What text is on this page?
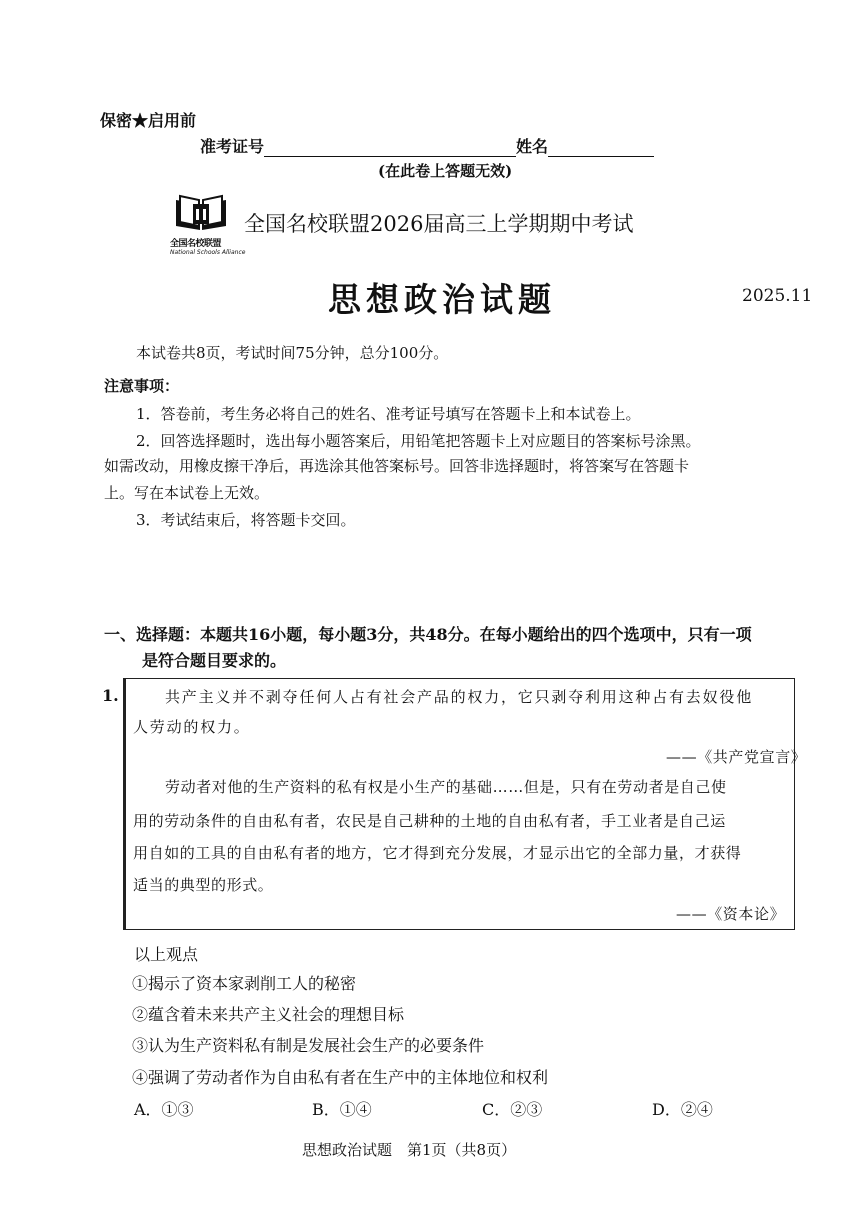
保密★启用前
准考证号	姓名
(在此卷上答题无效)
全国名校联盟
National Schools Alliance
全国名校联盟2026届高三上学期期中考试
思想政治试题	2025.11
本试卷共8页，考试时间75分钟，总分100分。
注意事项：
1．答卷前，考生务必将自己的姓名、准考证号填写在答题卡上和本试卷上。
2．回答选择题时，选出每小题答案后，用铅笔把答题卡上对应题目的答案标号涂黑。
如需改动，用橡皮擦干净后，再选涂其他答案标号。回答非选择题时，将答案写在答题卡
上。写在本试卷上无效。
3．考试结束后，将答题卡交回。
一、选择题：本题共16小题，每小题3分，共48分。在每小题给出的四个选项中，只有一项
是符合题目要求的。
1.	共产主义并不剥夺任何人占有社会产品的权力，它只剥夺利用这种占有去奴役他
人劳动的权力。
——《共产党宣言》
劳动者对他的生产资料的私有权是小生产的基础……但是，只有在劳动者是自己使
用的劳动条件的自由私有者，农民是自己耕种的土地的自由私有者，手工业者是自己运
用自如的工具的自由私有者的地方，它才得到充分发展，才显示出它的全部力量，才获得
适当的典型的形式。
——《资本论》
以上观点
①揭示了资本家剥削工人的秘密
②蕴含着未来共产主义社会的理想目标
③认为生产资料私有制是发展社会生产的必要条件
④强调了劳动者作为自由私有者在生产中的主体地位和权利
A．①③	B．①④	C．②③	D．②④
思想政治试题　第1页（共8页）
